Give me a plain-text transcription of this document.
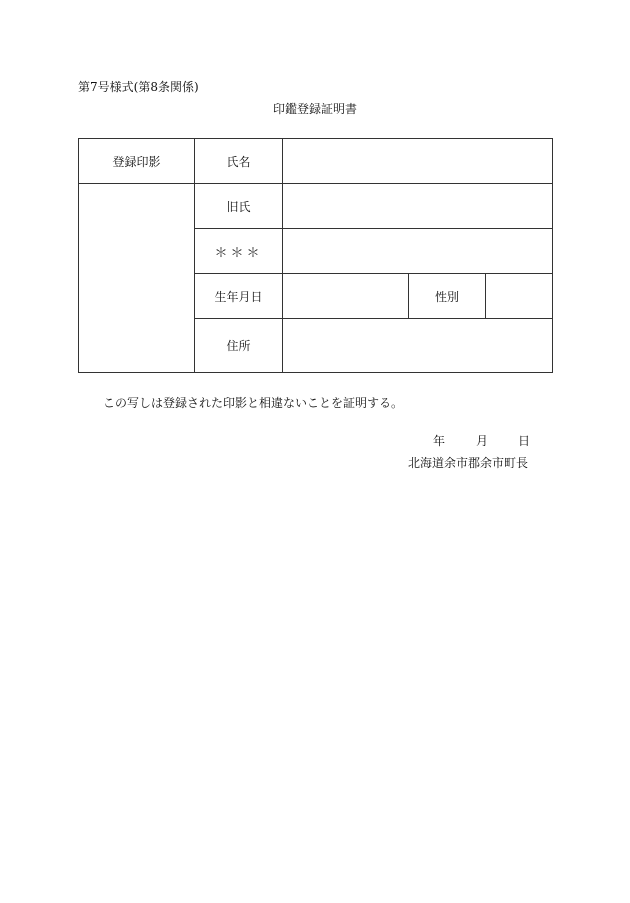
第7号様式(第8条関係)
印鑑登録証明書
登録印影	氏名			
	旧氏			
	＊＊＊			
	生年月日		性別	
	住所			
この写しは登録された印影と相違ないことを証明する。
年	月 日
北海道余市郡余市町長
